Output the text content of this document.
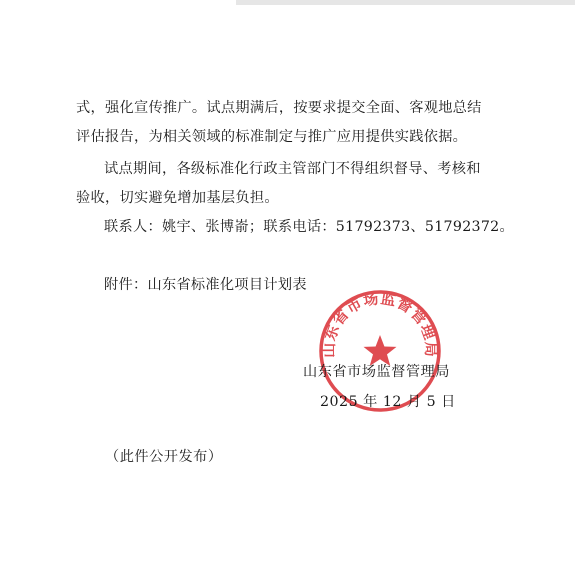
式，强化宣传推广。试点期满后，按要求提交全面、客观地总结
评估报告，为相关领域的标准制定与推广应用提供实践依据。

试点期间，各级标准化行政主管部门不得组织督导、考核和
验收，切实避免增加基层负担。
联系人：姚宇、张博嵛；联系电话：51792373、51792372。

附件：山东省标准化项目计划表

山东省市场监督管理局
山东省市场监督管理局
2025 年 12 月 5 日
（此件公开发布）
